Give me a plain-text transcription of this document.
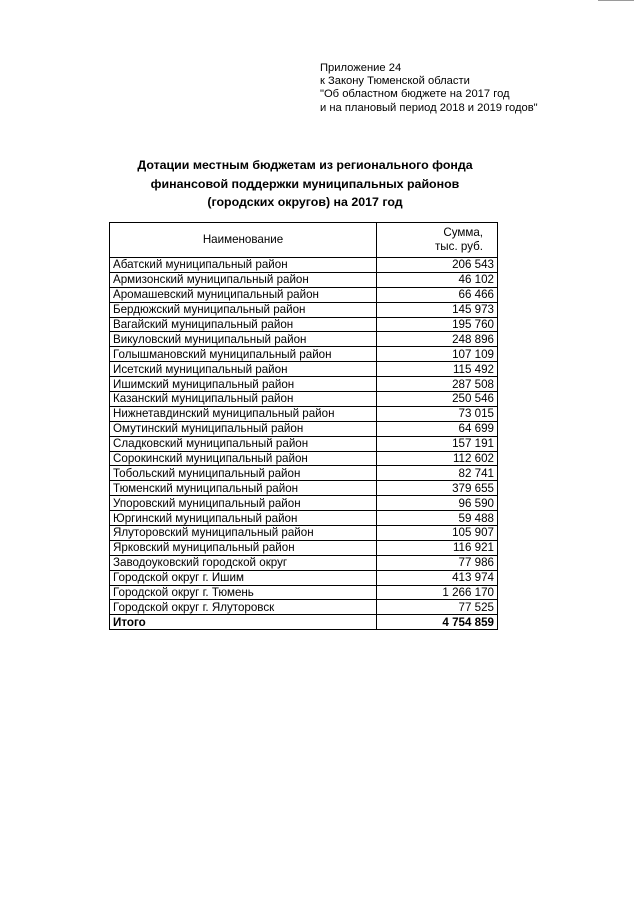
Приложение 24
к Закону Тюменской области
"Об областном бюджете на 2017 год
и на плановый период 2018 и 2019 годов"
Дотации местным бюджетам из регионального фонда
финансовой поддержки муниципальных районов
(городских округов) на 2017 год
Наименование	Сумма,
тыс. руб.

Абатский муниципальный район	206 543
Армизонский муниципальный район	46 102
Аромашевский муниципальный район	66 466
Бердюжский муниципальный район	145 973
Вагайский муниципальный район	195 760
Викуловский муниципальный район	248 896
Голышмановский муниципальный район	107 109
Исетский муниципальный район	115 492
Ишимский муниципальный район	287 508
Казанский муниципальный район	250 546
Нижнетавдинский муниципальный район	73 015
Омутинский муниципальный район	64 699
Сладковский муниципальный район	157 191
Сорокинский муниципальный район	112 602
Тобольский муниципальный район	82 741
Тюменский муниципальный район	379 655
Упоровский муниципальный район	96 590
Юргинский муниципальный район	59 488
Ялуторовский муниципальный район	105 907
Ярковский муниципальный район	116 921
Заводоуковский городской округ	77 986
Городской округ г. Ишим	413 974
Городской округ г. Тюмень	1 266 170
Городской округ г. Ялуторовск	77 525
Итого	4 754 859
